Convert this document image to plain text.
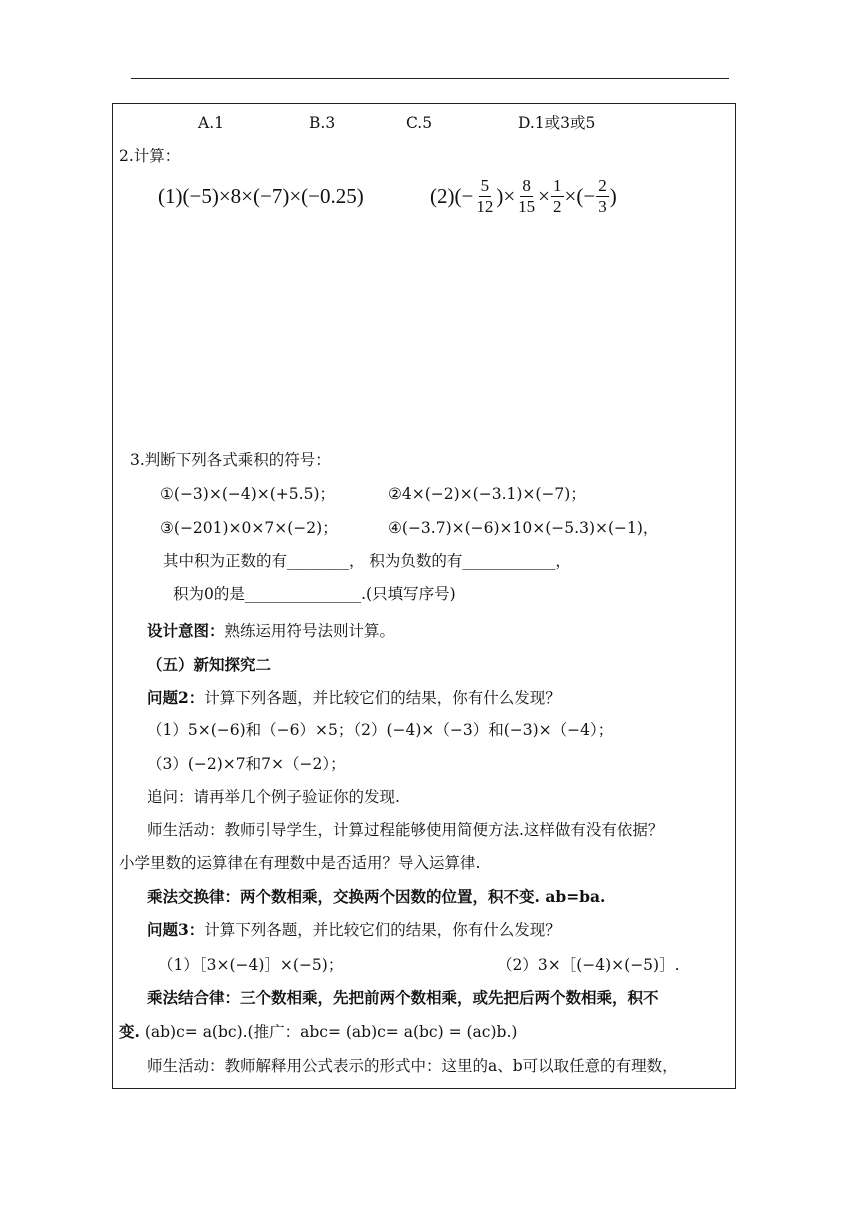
A.1	B.3	C.5	D.1或3或5
2.计算：
(1)(−5)×8×(−7)×(−0.25)	$(2)(- \frac{5}{12}$ )× $\frac{8}{15} \times \frac{1}{2}$ ×(− $\frac{2}{3}$ )
3.判断下列各式乘积的符号：
①(−3)×(−4)×(+5.5)；	②4×(−2)×(−3.1)×(−7)；
③(−201)×0×7×(−2)；	④(−3.7)×(−6)×10×(−5.3)×(−1)，
其中积为正数的有________， 积为负数的有____________，
积为0的是_______________.(只填写序号)
设计意图：熟练运用符号法则计算。
（五）新知探究二
问题2：计算下列各题，并比较它们的结果，你有什么发现？
（1）5×(−6)和（−6）×5；（2）(−4)×（−3）和(−3)×（−4）；
（3）(−2)×7和7×（−2）；
追问：请再举几个例子验证你的发现.
师生活动：教师引导学生，计算过程能够使用简便方法.这样做有没有依据？
小学里数的运算律在有理数中是否适用？导入运算律.
乘法交换律：两个数相乘，交换两个因数的位置，积不变. ab=ba.
问题3：计算下列各题，并比较它们的结果，你有什么发现？
（1）［3×(−4)］×(−5)；	（2）3×［(−4)×(−5)］.
乘法结合律：三个数相乘，先把前两个数相乘，或先把后两个数相乘，积不
变. (ab)c= a(bc).(推广：abc= (ab)c= a(bc) = (ac)b.)
师生活动：教师解释用公式表示的形式中：这里的a、b可以取任意的有理数，
